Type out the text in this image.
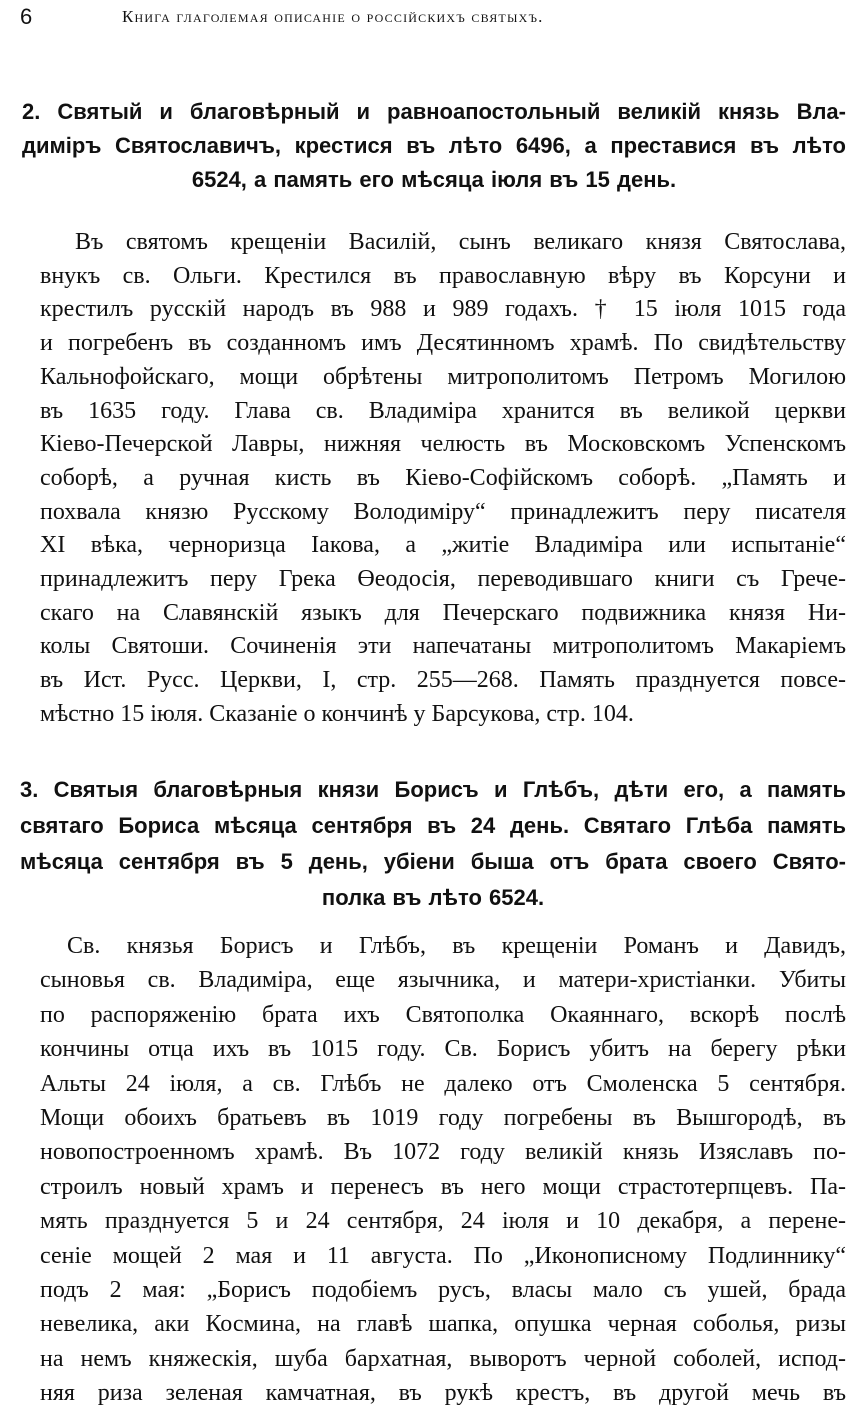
6	Книга глаголемая описаніе о россійскихъ святыхъ.
2. Святый и благовѣрный и равноапостольный великій князь Вла-
диміръ Святославичъ, крестися въ лѣто 6496, а преставися въ лѣто
6524, а память его мѣсяца іюля въ 15 день.
Въ святомъ крещеніи Василій, сынъ великаго князя Святослава,
внукъ св. Ольги. Крестился въ православную вѣру въ Корсуни и
крестилъ русскій народъ въ 988 и 989 годахъ. † 15 іюля 1015 года
и погребенъ въ созданномъ имъ Десятинномъ храмѣ. По свидѣтельству
Кальнофойскаго, мощи обрѣтены митрополитомъ Петромъ Могилою
въ 1635 году. Глава св. Владиміра хранится въ великой церкви
Кіево-Печерской Лавры, нижняя челюсть въ Московскомъ Успенскомъ
соборѣ, а ручная кисть въ Кіево-Софійскомъ соборѣ. „Память и
похвала князю Русскому Володиміру“ принадлежитъ перу писателя
XI вѣка, черноризца Іакова, а „житіе Владиміра или испытаніе“
принадлежитъ перу Грека Өеодосія, переводившаго книги съ Грече-
скаго на Славянскій языкъ для Печерскаго подвижника князя Ни-
колы Святоши. Сочиненія эти напечатаны митрополитомъ Макаріемъ
въ Ист. Русс. Церкви, I, стр. 255—268. Память празднуется повсе-
мѣстно 15 іюля. Сказаніе о кончинѣ у Барсукова, стр. 104.
3. Святыя благовѣрныя князи Борисъ и Глѣбъ, дѣти его, а память
святаго Бориса мѣсяца сентября въ 24 день. Святаго Глѣба память
мѣсяца сентября въ 5 день, убіени быша отъ брата своего Свято-
полка въ лѣто 6524.
Св. князья Борисъ и Глѣбъ, въ крещеніи Романъ и Давидъ,
сыновья св. Владиміра, еще язычника, и матери-христіанки. Убиты
по распоряженію брата ихъ Святополка Окаяннаго, вскорѣ послѣ
кончины отца ихъ въ 1015 году. Св. Борисъ убитъ на берегу рѣки
Альты 24 іюля, а св. Глѣбъ не далеко отъ Смоленска 5 сентября.
Мощи обоихъ братьевъ въ 1019 году погребены въ Вышгородѣ, въ
новопостроенномъ храмѣ. Въ 1072 году великій князь Изяславъ по-
строилъ новый храмъ и перенесъ въ него мощи страстотерпцевъ. Па-
мять празднуется 5 и 24 сентября, 24 іюля и 10 декабря, а перене-
сеніе мощей 2 мая и 11 августа. По „Иконописному Подлиннику“
подъ 2 мая: „Борисъ подобіемъ русъ, власы мало съ ушей, брада
невелика, аки Космина, на главѣ шапка, опушка черная соболья, ризы
на немъ княжескія, шуба бархатная, выворотъ черной соболей, испод-
няя риза зеленая камчатная, въ рукѣ крестъ, въ другой мечь въ
